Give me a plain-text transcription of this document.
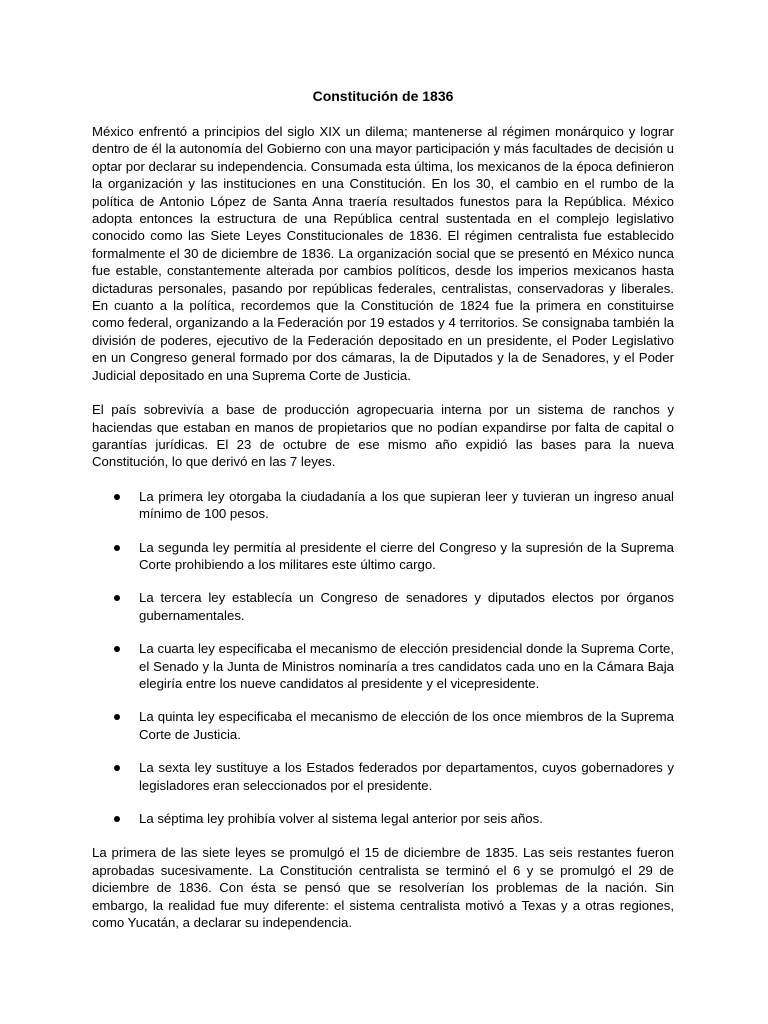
Constitución de 1836

México enfrentó a principios del siglo XIX un dilema; mantenerse al régimen monárquico y lograr dentro de él la autonomía del Gobierno con una mayor participación y más facultades de decisión u optar por declarar su independencia. Consumada esta última, los mexicanos de la época definieron la organización y las instituciones en una Constitución. En los 30, el cambio en el rumbo de la política de Antonio López de Santa Anna traería resultados funestos para la República. México adopta entonces la estructura de una República central sustentada en el complejo legislativo conocido como las Siete Leyes Constitucionales de 1836. El régimen centralista fue establecido formalmente el 30 de diciembre de 1836. La organización social que se presentó en México nunca fue estable, constantemente alterada por cambios políticos, desde los imperios mexicanos hasta dictaduras personales, pasando por repúblicas federales, centralistas, conservadoras y liberales. En cuanto a la política, recordemos que la Constitución de 1824 fue la primera en constituirse como federal, organizando a la Federación por 19 estados y 4 territorios. Se consignaba también la división de poderes, ejecutivo de la Federación depositado en un presidente, el Poder Legislativo en un Congreso general formado por dos cámaras, la de Diputados y la de Senadores, y el Poder Judicial depositado en una Suprema Corte de Justicia.

El país sobrevivía a base de producción agropecuaria interna por un sistema de ranchos y haciendas que estaban en manos de propietarios que no podían expandirse por falta de capital o garantías jurídicas. El 23 de octubre de ese mismo año expidió las bases para la nueva Constitución, lo que derivó en las 7 leyes.

La primera ley otorgaba la ciudadanía a los que supieran leer y tuvieran un ingreso anual mínimo de 100 pesos.
La segunda ley permitía al presidente el cierre del Congreso y la supresión de la Suprema Corte prohibiendo a los militares este último cargo.
La tercera ley establecía un Congreso de senadores y diputados electos por órganos gubernamentales.
La cuarta ley especificaba el mecanismo de elección presidencial donde la Suprema Corte, el Senado y la Junta de Ministros nominaría a tres candidatos cada uno en la Cámara Baja elegiría entre los nueve candidatos al presidente y el vicepresidente.
La quinta ley especificaba el mecanismo de elección de los once miembros de la Suprema Corte de Justicia.
La sexta ley sustituye a los Estados federados por departamentos, cuyos gobernadores y legisladores eran seleccionados por el presidente.
La séptima ley prohibía volver al sistema legal anterior por seis años.

La primera de las siete leyes se promulgó el 15 de diciembre de 1835. Las seis restantes fueron aprobadas sucesivamente. La Constitución centralista se terminó el 6 y se promulgó el 29 de diciembre de 1836. Con ésta se pensó que se resolverían los problemas de la nación. Sin embargo, la realidad fue muy diferente: el sistema centralista motivó a Texas y a otras regiones, como Yucatán, a declarar su independencia.
